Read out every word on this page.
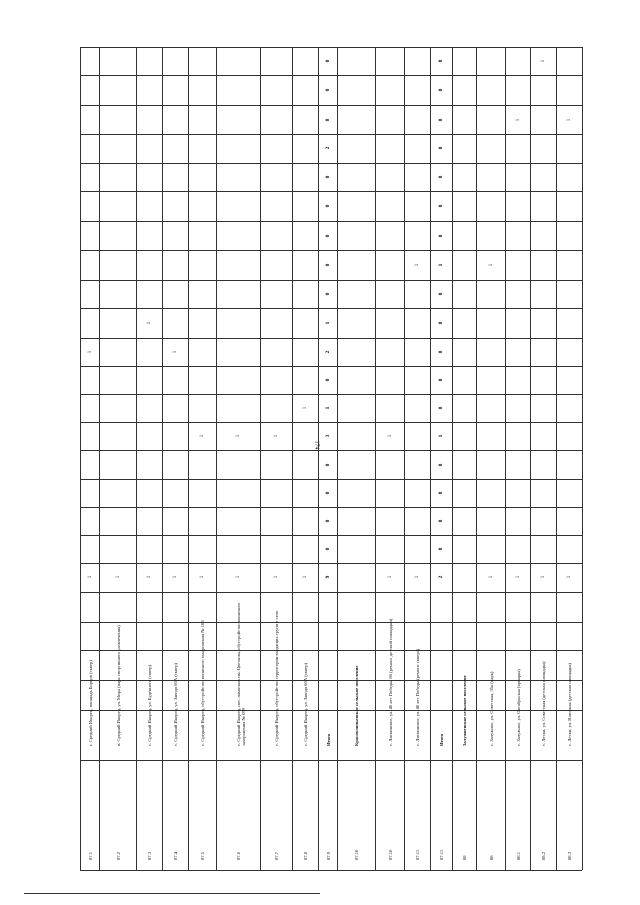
174
87.1
г. Средний Икорец, площадь Борцов (сквер)
1
1
87.2
в. Средний Икорец, ул. Мира (парк спортивного развлечения)
1
87.3
с. Средний Икорец, ул. Буденного (сквер)
1
1
87.4
с. Средний Икорец, ул. Заводя 60А (сквер)
1
1
87.5
с. Средний Икорец, обустройство воинского захоронения № 108
1
1
87.6
с. Средний Икорец, пос. памятник им. Цветкова, обустройство воинского захоронения № 099
1
1
87.7
с. Средний Икорец, обустройство территории входящих групп в село
1
1
87.8
с. Средний Икорец, ул. Заводя 60А (сквер)
1
1
87.9
Итого
9
0
0
0
0
3
1
0
2
1
0
0
0
0
0
2
0
0
0
87.10
Краснолипьевское сельское поселение
87.10
с. Лискинское, ул. 40 лет Победы, 86 (ремонт детской площадки)
1
1
87.11
с. Лискинское, ул. 40 лет Победы (ремонт сквера)
1
1
87.11
Итого
2
0
0
0
0
1
0
0
0
0
0
1
0
0
0
0
0
0
0
88
Залужненское сельское поселение
88
с. Залужное, ул. Советская, 35а (парк)
1
1
88.1
с. Залужное, ул. Октябрьская (ярмарка)
1
1
88.2
с. Лески, ул. Советская (детская площадка)
1
1
88.3
с. Лески, ул. Нагорная (детская площадка)
1
1
